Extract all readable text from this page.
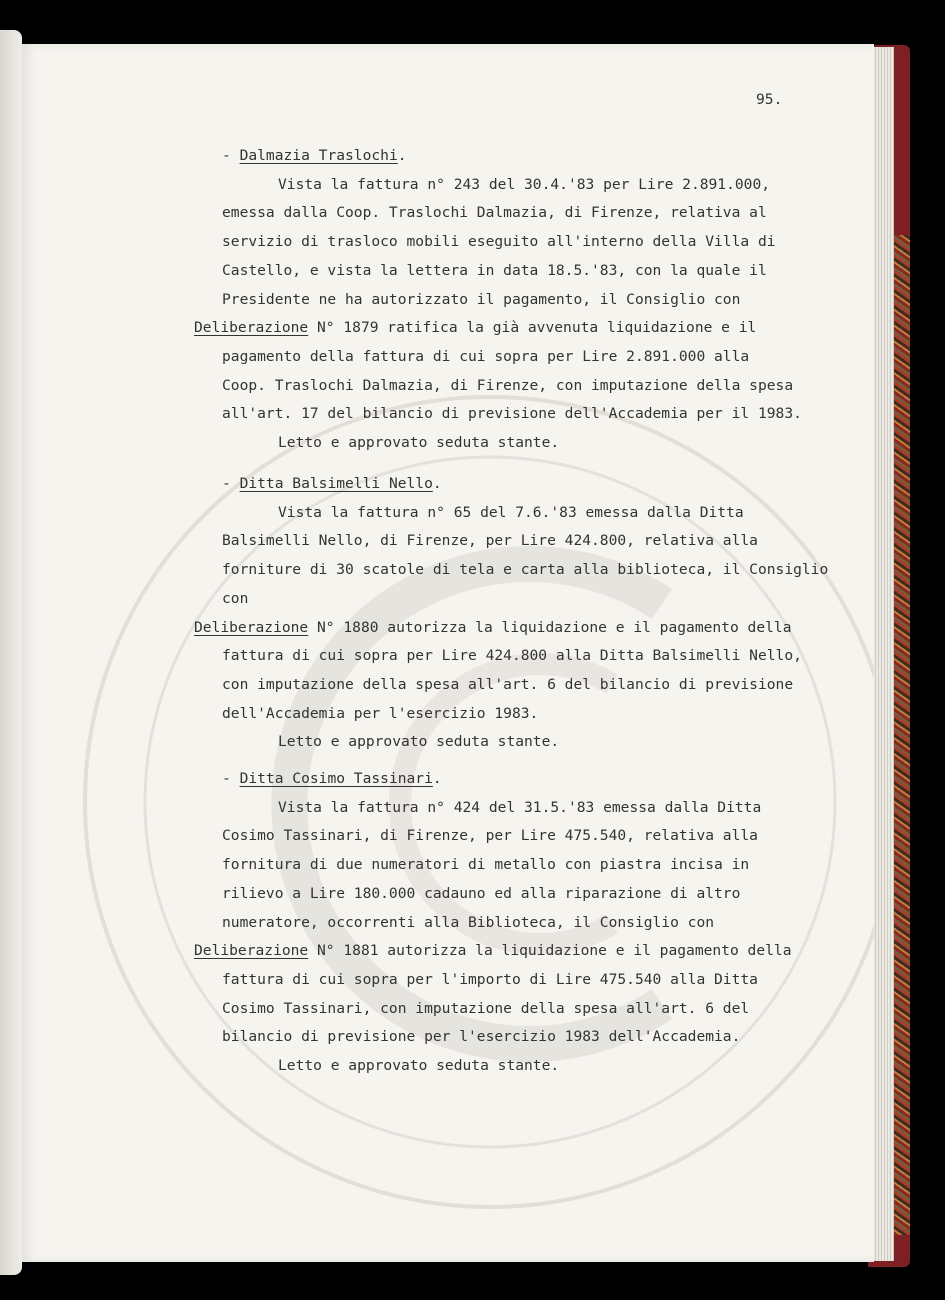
95.
- Dalmazia Traslochi.
Vista la fattura n° 243 del 30.4.'83 per Lire 2.891.000,
emessa dalla Coop. Traslochi Dalmazia, di Firenze, relativa al
servizio di trasloco mobili eseguito all'interno della Villa di
Castello, e vista la lettera in data 18.5.'83, con la quale il
Presidente ne ha autorizzato il pagamento, il Consiglio con
Deliberazione N° 1879 ratifica la già avvenuta liquidazione e il
pagamento della fattura di cui sopra per Lire 2.891.000 alla
Coop. Traslochi Dalmazia, di Firenze, con imputazione della spesa
all'art. 17 del bilancio di previsione dell'Accademia per il 1983.
Letto e approvato seduta stante.
- Ditta Balsimelli Nello.
Vista la fattura n° 65 del 7.6.'83 emessa dalla Ditta
Balsimelli Nello, di Firenze, per Lire 424.800, relativa alla
forniture di 30 scatole di tela e carta alla biblioteca, il Consiglio
con
Deliberazione N° 1880 autorizza la liquidazione e il pagamento della
fattura di cui sopra per Lire 424.800 alla Ditta Balsimelli Nello,
con imputazione della spesa all'art. 6 del bilancio di previsione
dell'Accademia per l'esercizio 1983.
Letto e approvato seduta stante.
- Ditta Cosimo Tassinari.
Vista la fattura n° 424 del 31.5.'83 emessa dalla Ditta
Cosimo Tassinari, di Firenze, per Lire 475.540, relativa alla
fornitura di due numeratori di metallo con piastra incisa in
rilievo a Lire 180.000 cadauno ed alla riparazione di altro
numeratore, occorrenti alla Biblioteca, il Consiglio con
Deliberazione N° 1881 autorizza la liquidazione e il pagamento della
fattura di cui sopra per l'importo di Lire 475.540 alla Ditta
Cosimo Tassinari, con imputazione della spesa all'art. 6 del
bilancio di previsione per l'esercizio 1983 dell'Accademia.
Letto e approvato seduta stante.
